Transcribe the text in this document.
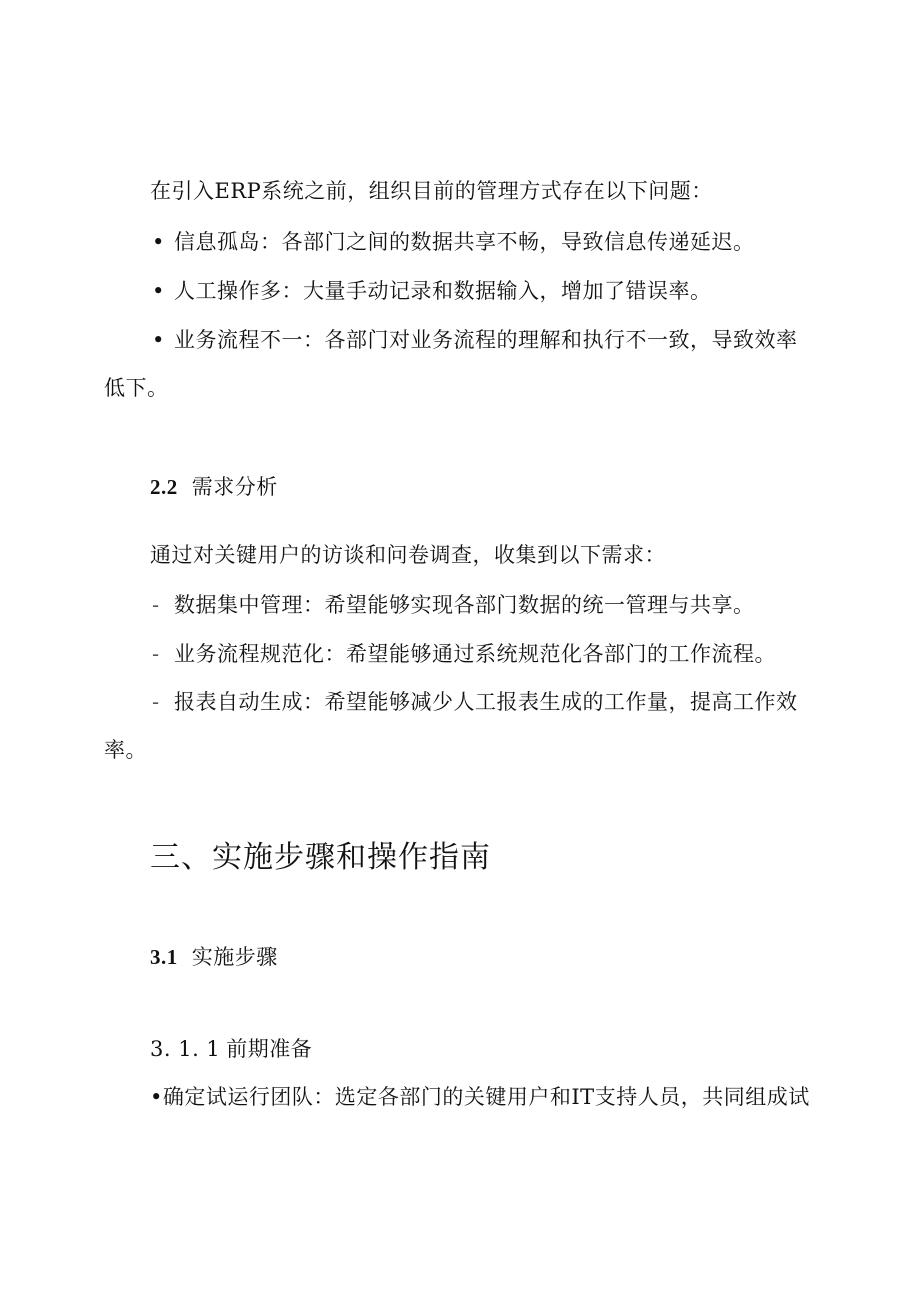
在引入ERP系统之前，组织目前的管理方式存在以下问题：
• 信息孤岛：各部门之间的数据共享不畅，导致信息传递延迟。
• 人工操作多：大量手动记录和数据输入，增加了错误率。
• 业务流程不一：各部门对业务流程的理解和执行不一致，导致效率
低下。
2.2 需求分析
通过对关键用户的访谈和问卷调查，收集到以下需求：
- 数据集中管理：希望能够实现各部门数据的统一管理与共享。
- 业务流程规范化：希望能够通过系统规范化各部门的工作流程。
- 报表自动生成：希望能够减少人工报表生成的工作量，提高工作效
率。
三、实施步骤和操作指南
3.1 实施步骤
3. 1. 1 前期准备
•确定试运行团队：选定各部门的关键用户和IT支持人员，共同组成试
